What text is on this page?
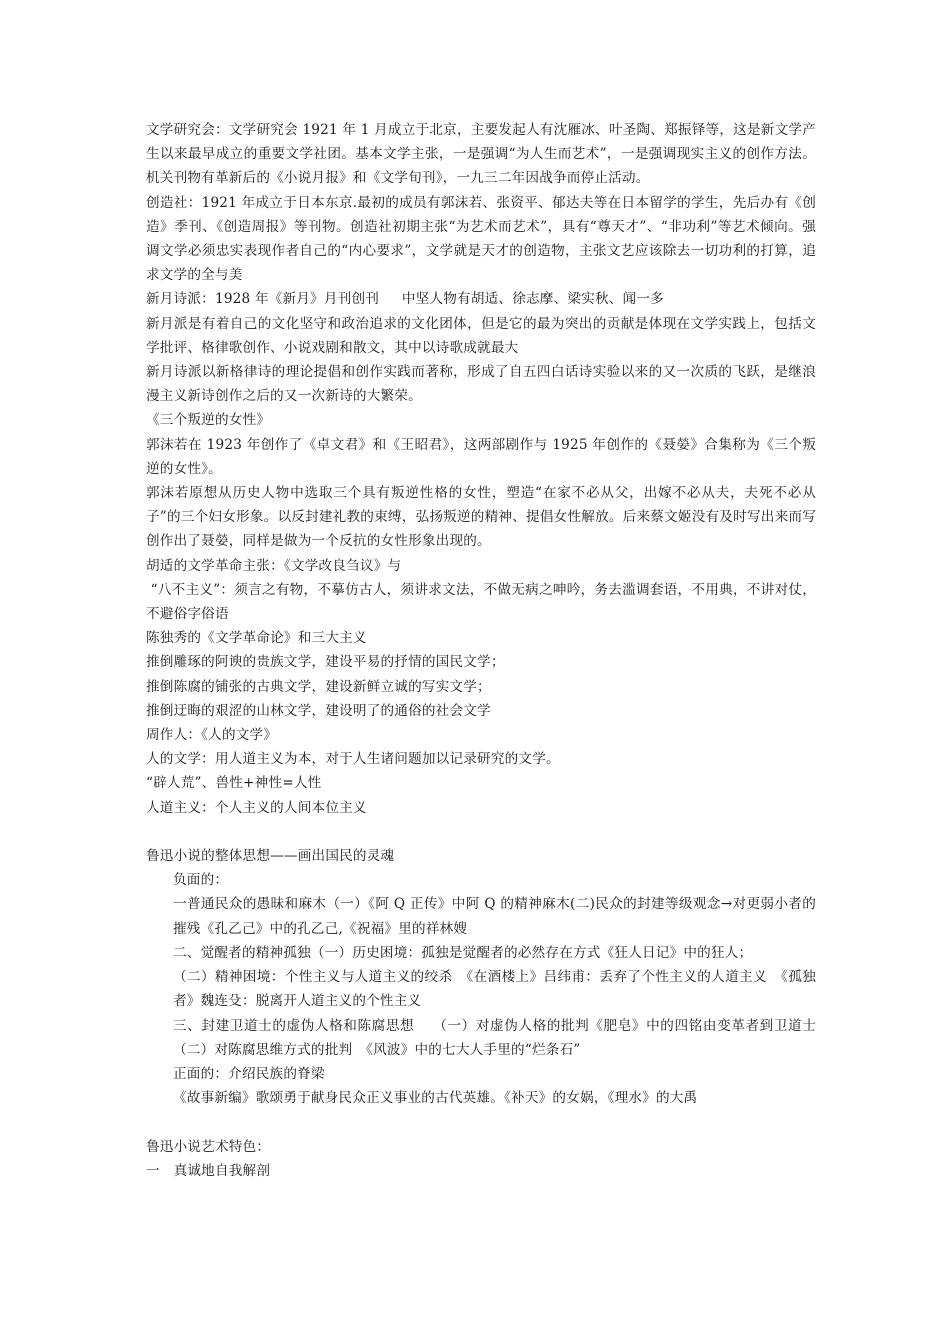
文学研究会：文学研究会 1921 年 1 月成立于北京，主要发起人有沈雁冰、叶圣陶、郑振铎等，这是新文学产生以来最早成立的重要文学社团。基本文学主张，一是强调“为人生而艺术”，一是强调现实主义的创作方法。机关刊物有革新后的《小说月报》和《文学旬刊》，一九三二年因战争而停止活动。

创造社：1921 年成立于日本东京.最初的成员有郭沫若、张资平、郁达夫等在日本留学的学生，先后办有《创造》季刊、《创造周报》等刊物。创造社初期主张“为艺术而艺术”，具有“尊天才”、“非功利”等艺术倾向。强调文学必须忠实表现作者自己的“内心要求”，文学就是天才的创造物，主张文艺应该除去一切功利的打算，追求文学的全与美

新月诗派：1928 年《新月》月刊创刊　  中坚人物有胡适、徐志摩、梁实秋、闻一多

新月派是有着自己的文化坚守和政治追求的文化团体，但是它的最为突出的贡献是体现在文学实践上，包括文学批评、格律歌创作、小说戏剧和散文，其中以诗歌成就最大

新月诗派以新格律诗的理论提倡和创作实践而著称，形成了自五四白话诗实验以来的又一次质的飞跃，是继浪漫主义新诗创作之后的又一次新诗的大繁荣。

《三个叛逆的女性》

郭沫若在 1923 年创作了《卓文君》和《王昭君》，这两部剧作与 1925 年创作的《聂嫈》合集称为《三个叛逆的女性》。

郭沫若原想从历史人物中选取三个具有叛逆性格的女性，塑造“在家不必从父，出嫁不必从夫，夫死不必从子”的三个妇女形象。以反封建礼教的束缚，弘扬叛逆的精神、提倡女性解放。后来蔡文姬没有及时写出来而写创作出了聂嫈，同样是做为一个反抗的女性形象出现的。

胡适的文学革命主张：《文学改良刍议》与

“八不主义”：须言之有物，不摹仿古人，须讲求文法，不做无病之呻吟，务去滥调套语，不用典，不讲对仗，不避俗字俗语

陈独秀的《文学革命论》和三大主义

推倒雕琢的阿谀的贵族文学，建设平易的抒情的国民文学；

推倒陈腐的铺张的古典文学，建设新鲜立诚的写实文学；

推倒迂晦的艰涩的山林文学，建设明了的通俗的社会文学

周作人：《人的文学》

人的文学：用人道主义为本，对于人生诸问题加以记录研究的文学。

“辟人荒”、兽性+神性=人性

人道主义：个人主义的人间本位主义

鲁迅小说的整体思想——画出国民的灵魂

负面的：

一普通民众的愚昧和麻木（一）《阿 Q 正传》中阿 Q 的精神麻木(二)民众的封建等级观念→对更弱小者的摧残《孔乙己》中的孔乙己,《祝福》里的祥林嫂

二、觉醒者的精神孤独（一）历史困境：孤独是觉醒者的必然存在方式《狂人日记》中的狂人；

（二）精神困境：个性主义与人道主义的绞杀　《在酒楼上》吕纬甫：丢弃了个性主义的人道主义　《孤独者》魏连殳：脱离开人道主义的个性主义

三、封建卫道士的虚伪人格和陈腐思想　 （一）对虚伪人格的批判《肥皂》中的四铭由变革者到卫道士　（二）对陈腐思维方式的批判　《风波》中的七大人手里的“烂条石”

正面的：介绍民族的脊梁

《故事新编》歌颂勇于献身民众正义事业的古代英雄。《补天》的女娲，《理水》的大禹

鲁迅小说艺术特色：

一　真诚地自我解剖
